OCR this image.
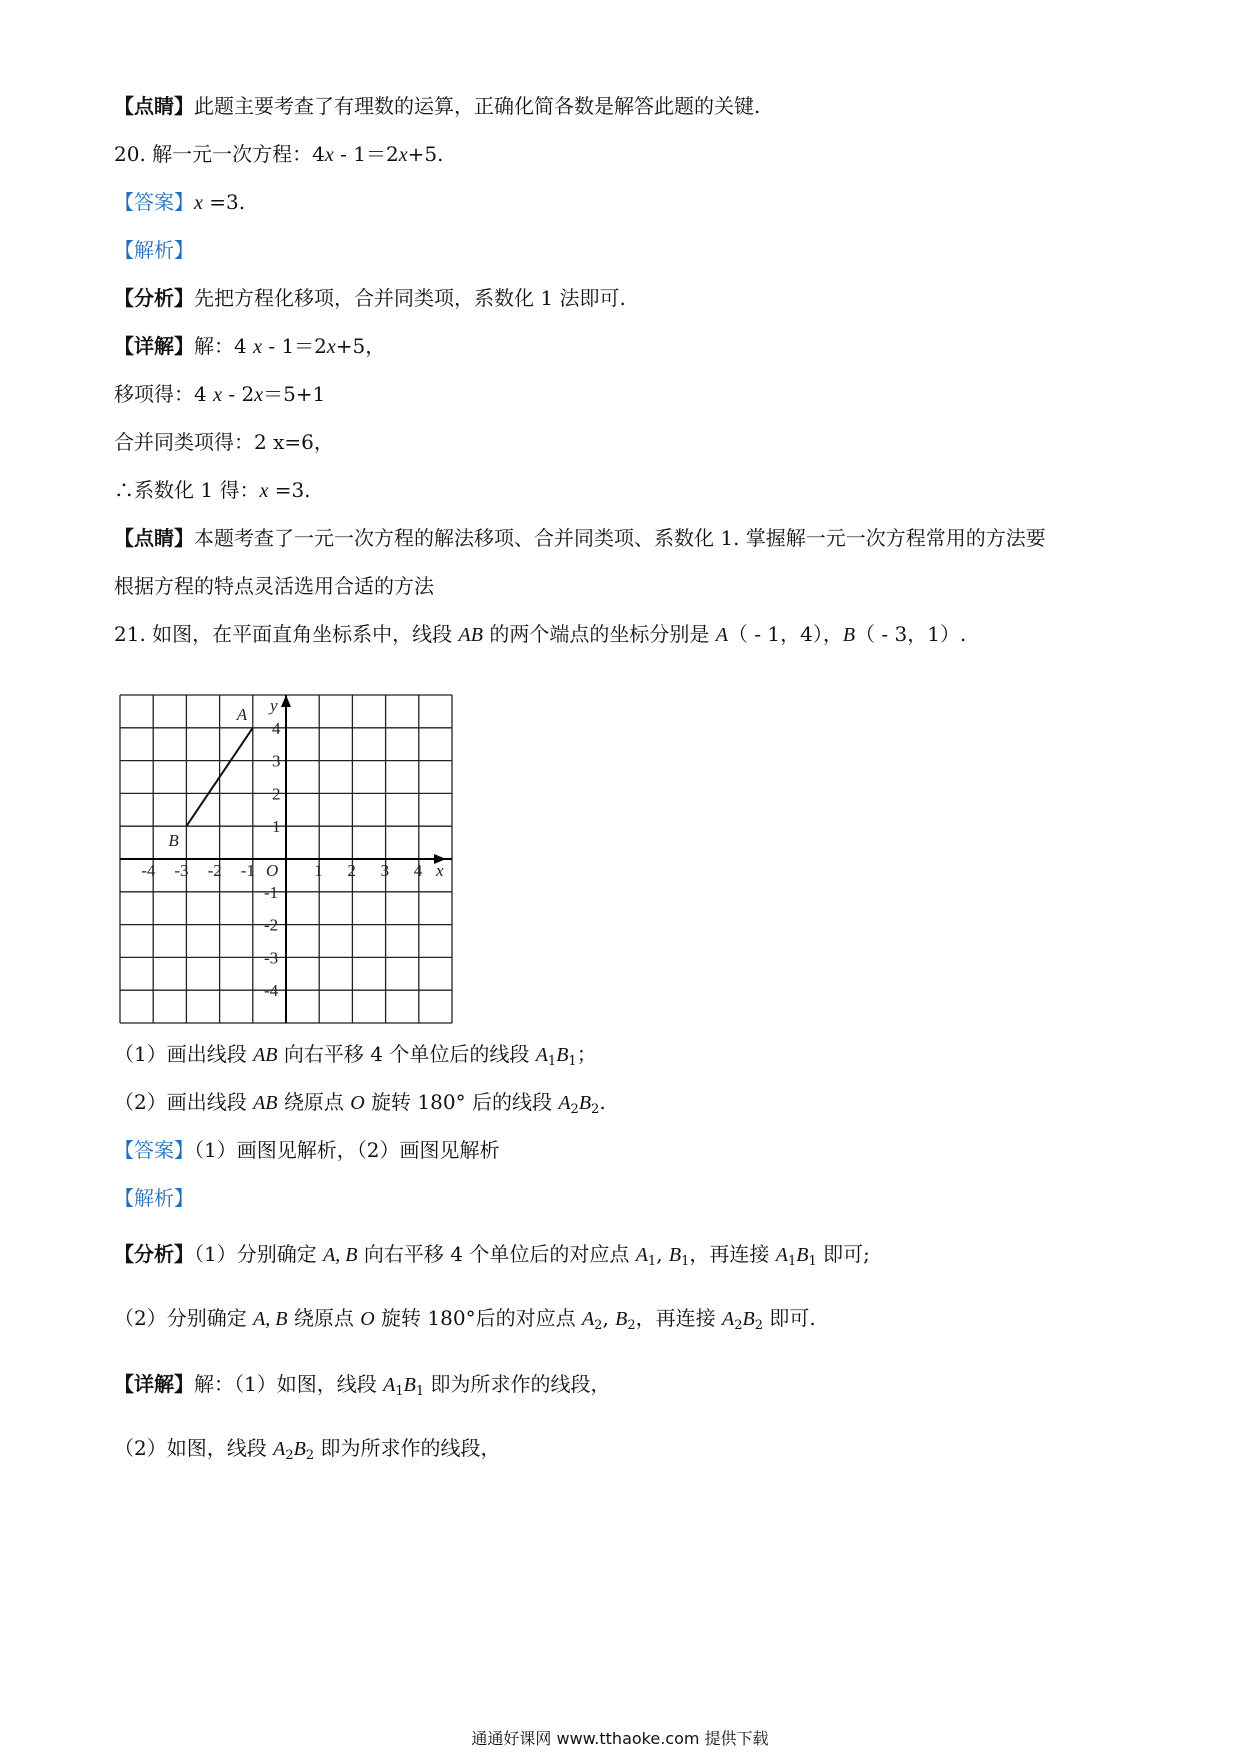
【点睛】此题主要考查了有理数的运算，正确化简各数是解答此题的关键.
20. 解一元一次方程：4x - 1＝2x+5.
【答案】x =3.
【解析】
【分析】先把方程化移项，合并同类项，系数化 1 法即可.
【详解】解：4 x - 1＝2x+5，
移项得：4 x - 2x＝5+1
合并同类项得：2 x=6，
∴系数化 1 得：x =3.
【点睛】本题考查了一元一次方程的解法移项、合并同类项、系数化 1. 掌握解一元一次方程常用的方法要
根据方程的特点灵活选用合适的方法
21. 如图，在平面直角坐标系中，线段 AB 的两个端点的坐标分别是 A（ - 1，4），B（ - 3，1）.
-4 -3 -2 -1	1 2 3 4
4
3
2
1
-1
-2
-3
-4
O	x
y
A
B
（1）画出线段 AB 向右平移 4 个单位后的线段 $A_1B_1$；
（2）画出线段 AB 绕原点 O 旋转 180° 后的线段 $A_2B_2$.
【答案】（1）画图见解析，（2）画图见解析
【解析】
【分析】（1）分别确定 A, B 向右平移 4 个单位后的对应点 $A_1$, $B_1$，再连接 $A_1B_1$ 即可;
（2）分别确定 A, B 绕原点 O 旋转 180°后的对应点 $A_2$, $B_2$，再连接 $A_2B_2$ 即可.
【详解】解：（1）如图，线段 $A_1B_1$ 即为所求作的线段，
（2）如图，线段 $A_2B_2$ 即为所求作的线段，
通通好课网 www.tthaoke.com 提供下载
